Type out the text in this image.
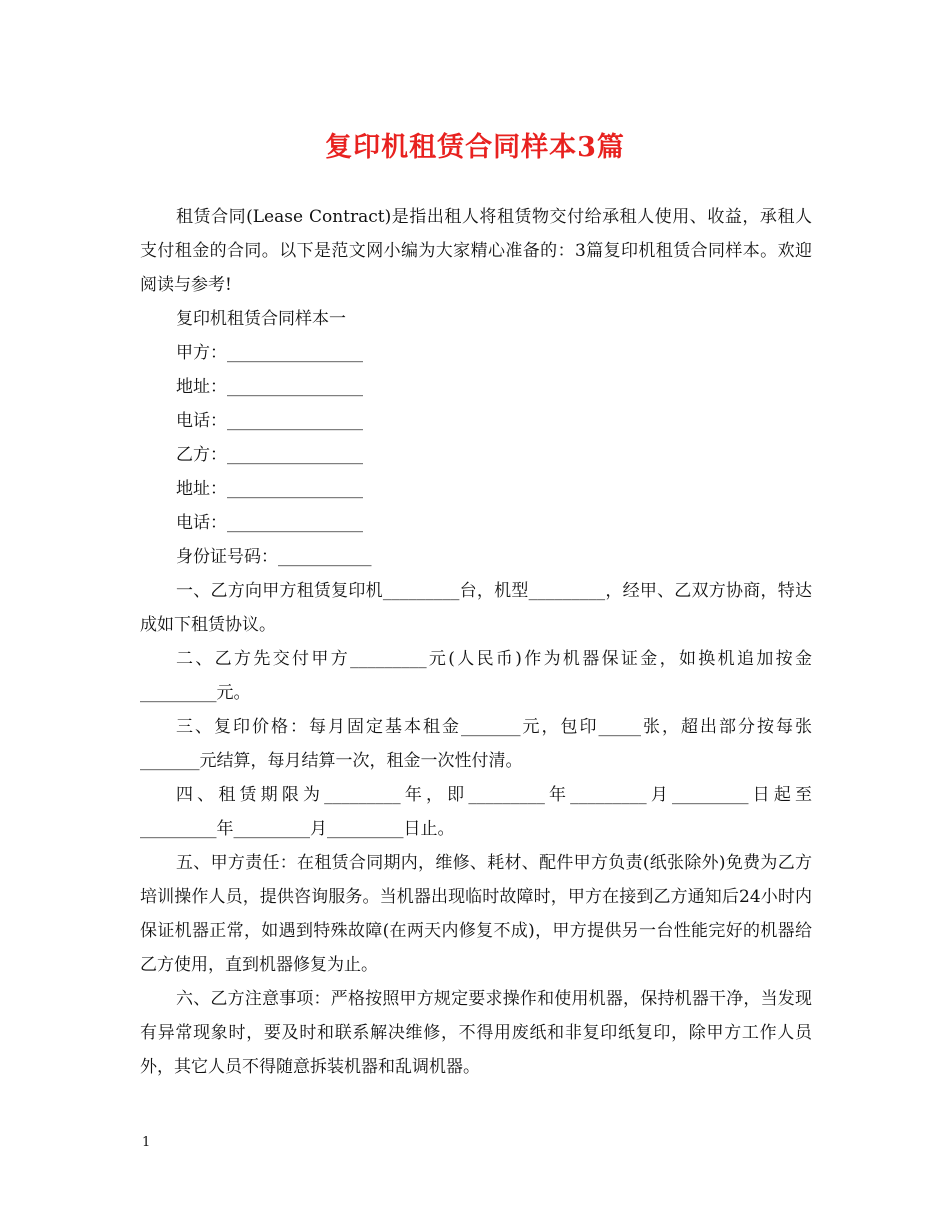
复印机租赁合同样本3篇

租赁合同(Lease Contract)是指出租人将租赁物交付给承租人使用、收益，承租人支付租金的合同。以下是范文网小编为大家精心准备的：3篇复印机租赁合同样本。欢迎阅读与参考!

复印机租赁合同样本一

甲方：________________

地址：________________

电话：________________

乙方：________________

地址：________________

电话：________________

身份证号码：___________

一、乙方向甲方租赁复印机_________台，机型_________，经甲、乙双方协商，特达成如下租赁协议。

二、乙方先交付甲方_________元(人民币)作为机器保证金，如换机追加按金_________元。

三、复印价格：每月固定基本租金_______元，包印_____张，超出部分按每张_______元结算，每月结算一次，租金一次性付清。

四、租赁期限为_________年，即_________年_________月_________日起至_________年_________月_________日止。

五、甲方责任：在租赁合同期内，维修、耗材、配件甲方负责(纸张除外)免费为乙方培训操作人员，提供咨询服务。当机器出现临时故障时，甲方在接到乙方通知后24小时内保证机器正常，如遇到特殊故障(在两天内修复不成)，甲方提供另一台性能完好的机器给乙方使用，直到机器修复为止。

六、乙方注意事项：严格按照甲方规定要求操作和使用机器，保持机器干净，当发现有异常现象时，要及时和联系解决维修，不得用废纸和非复印纸复印，除甲方工作人员外，其它人员不得随意拆装机器和乱调机器。

1
